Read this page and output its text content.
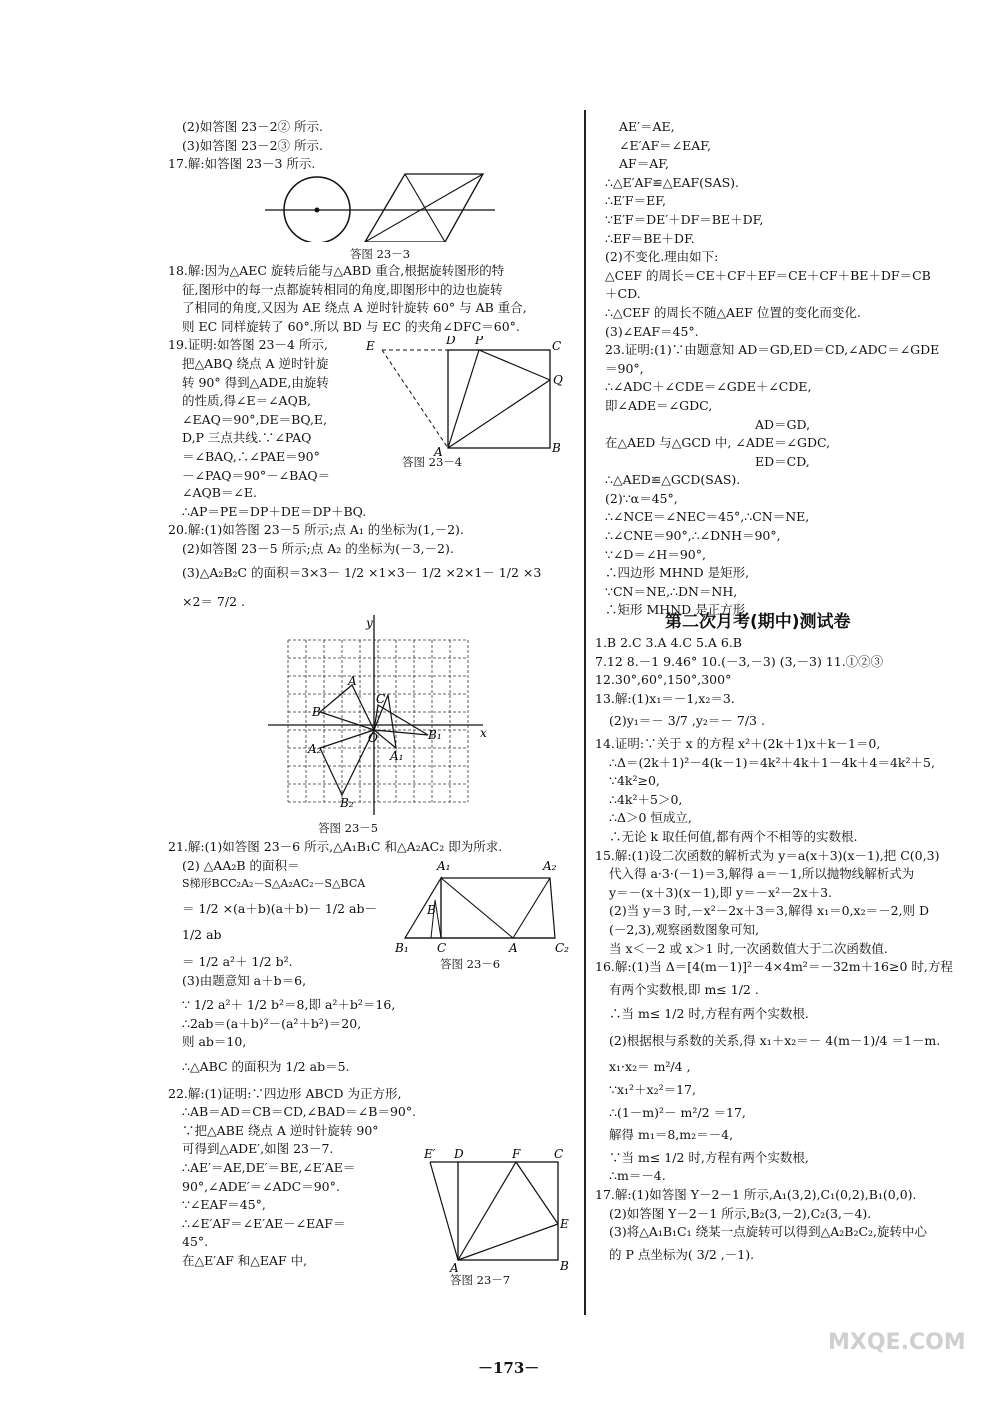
(2)如答图 23－2② 所示.
(3)如答图 23－2③ 所示.
17.解:如答图 23－3 所示.
答图 23－3
18.解:因为△AEC 旋转后能与△ABD 重合,根据旋转图形的特
征,图形中的每一点都旋转相同的角度,即图形中的边也旋转
了相同的角度,又因为 AE 绕点 A 逆时针旋转 60° 与 AB 重合,
则 EC 同样旋转了 60°.所以 BD 与 EC 的夹角∠DFC＝60°.
19.证明:如答图 23－4 所示,
把△ABQ 绕点 A 逆时针旋
转 90° 得到△ADE,由旋转
的性质,得∠E＝∠AQB,
∠EAQ＝90°,DE＝BQ,E,
D,P 三点共线.∵∠PAQ
＝∠BAQ,∴∠PAE＝90°
－∠PAQ＝90°－∠BAQ＝
E	D P	C
Q
B
A
答图 23－4
∠AQB＝∠E.
∴AP＝PE＝DP＋DE＝DP＋BQ.
20.解:(1)如答图 23－5 所示;点 A₁ 的坐标为(1,－2).
(2)如答图 23－5 所示;点 A₂ 的坐标为(－3,－2).
(3)△A₂B₂C 的面积＝3×3－ 1/2 ×1×3－ 1/2 ×2×1－ 1/2 ×3
×2＝ 7/2 .
y
x
A
B
C
O	B₁
A₁
A₂
B₂
答图 23－5
21.解:(1)如答图 23－6 所示,△A₁B₁C 和△A₂AC₂ 即为所求.
(2) △AA₂B 的面积＝
S梯形BCC₂A₂－S△A₂AC₂－S△BCA
＝ 1/2 ×(a＋b)(a＋b)－ 1/2 ab－
1/2 ab
＝ 1/2 a²＋ 1/2 b².
(3)由题意知 a＋b＝6,
∵ 1/2 a²＋ 1/2 b²＝8,即 a²＋b²＝16,
∴2ab＝(a＋b)²－(a²＋b²)＝20,
则 ab＝10,
∴△ABC 的面积为 1/2 ab＝5.
22.解:(1)证明:∵四边形 ABCD 为正方形,
∴AB＝AD＝CB＝CD,∠BAD＝∠B＝90°.
∵把△ABE 绕点 A 逆时针旋转 90°
可得到△ADE′,如图 23－7.
∴AE′＝AE,DE′＝BE,∠E′AE＝
90°,∠ADE′＝∠ADC＝90°.
∵∠EAF＝45°,
∴∠E′AF＝∠E′AE－∠EAF＝
45°.
在△E′AF 和△EAF 中,
A₁	A₂
B₁ C	A	C₂
B
答图 23－6
E′ D	F	C
E
B
A
答图 23－7
AE′＝AE,
∠E′AF＝∠EAF,
AF＝AF,
∴△E′AF≌△EAF(SAS).
∴E′F＝EF,
∵E′F＝DE′＋DF＝BE＋DF,
∴EF＝BE＋DF.
(2)不变化.理由如下:
△CEF 的周长＝CE＋CF＋EF＝CE＋CF＋BE＋DF＝CB
＋CD.
∴△CEF 的周长不随△AEF 位置的变化而变化.
(3)∠EAF＝45°.
23.证明:(1)∵由题意知 AD＝GD,ED＝CD,∠ADC＝∠GDE
＝90°,
∴∠ADC＋∠CDE＝∠GDE＋∠CDE,
即∠ADE＝∠GDC,
AD＝GD,
在△AED 与△GCD 中, ∠ADE＝∠GDC,
ED＝CD,
∴△AED≌△GCD(SAS).
(2)∵α＝45°,
∴∠NCE＝∠NEC＝45°,∴CN＝NE,
∴∠CNE＝90°,∴∠DNH＝90°,
∵∠D＝∠H＝90°,
∴四边形 MHND 是矩形,
∵CN＝NE,∴DN＝NH,
∴矩形 MHND 是正方形.
第二次月考(期中)测试卷
1.B 2.C 3.A 4.C 5.A 6.B
7.12 8.－1 9.46° 10.(－3,－3) (3,－3) 11.①②③
12.30°,60°,150°,300°
13.解:(1)x₁＝－1,x₂＝3.
(2)y₁＝－ 3/7 ,y₂＝－ 7/3 .
14.证明:∵关于 x 的方程 x²＋(2k＋1)x＋k－1＝0,
∴Δ＝(2k＋1)²－4(k－1)＝4k²＋4k＋1－4k＋4＝4k²＋5,
∵4k²≥0,
∴4k²＋5＞0,
∴Δ＞0 恒成立,
∴无论 k 取任何值,都有两个不相等的实数根.
15.解:(1)设二次函数的解析式为 y＝a(x＋3)(x－1),把 C(0,3)
代入得 a·3·(－1)＝3,解得 a＝－1,所以抛物线解析式为
y＝－(x＋3)(x－1),即 y＝－x²－2x＋3.
(2)当 y＝3 时,－x²－2x＋3＝3,解得 x₁＝0,x₂＝－2,则 D
(－2,3),观察函数图象可知,
当 x＜－2 或 x＞1 时,一次函数值大于二次函数值.
16.解:(1)当 Δ＝[4(m－1)]²－4×4m²＝－32m＋16≥0 时,方程
有两个实数根,即 m≤ 1/2 .
∴当 m≤ 1/2 时,方程有两个实数根.
(2)根据根与系数的关系,得 x₁＋x₂＝－ 4(m－1)/4 ＝1－m.
x₁·x₂＝ m²/4 ,
∵x₁²＋x₂²＝17,
∴(1－m)²－ m²/2 ＝17,
解得 m₁＝8,m₂＝－4,
∵当 m≤ 1/2 时,方程有两个实数根,
∴m＝－4.
17.解:(1)如答图 Y－2－1 所示,A₁(3,2),C₁(0,2),B₁(0,0).
(2)如答图 Y－2－1 所示,B₂(3,－2),C₂(3,－4).
(3)将△A₁B₁C₁ 绕某一点旋转可以得到△A₂B₂C₂,旋转中心
的 P 点坐标为( 3/2 ,－1).
－173－
MXQE.COM
